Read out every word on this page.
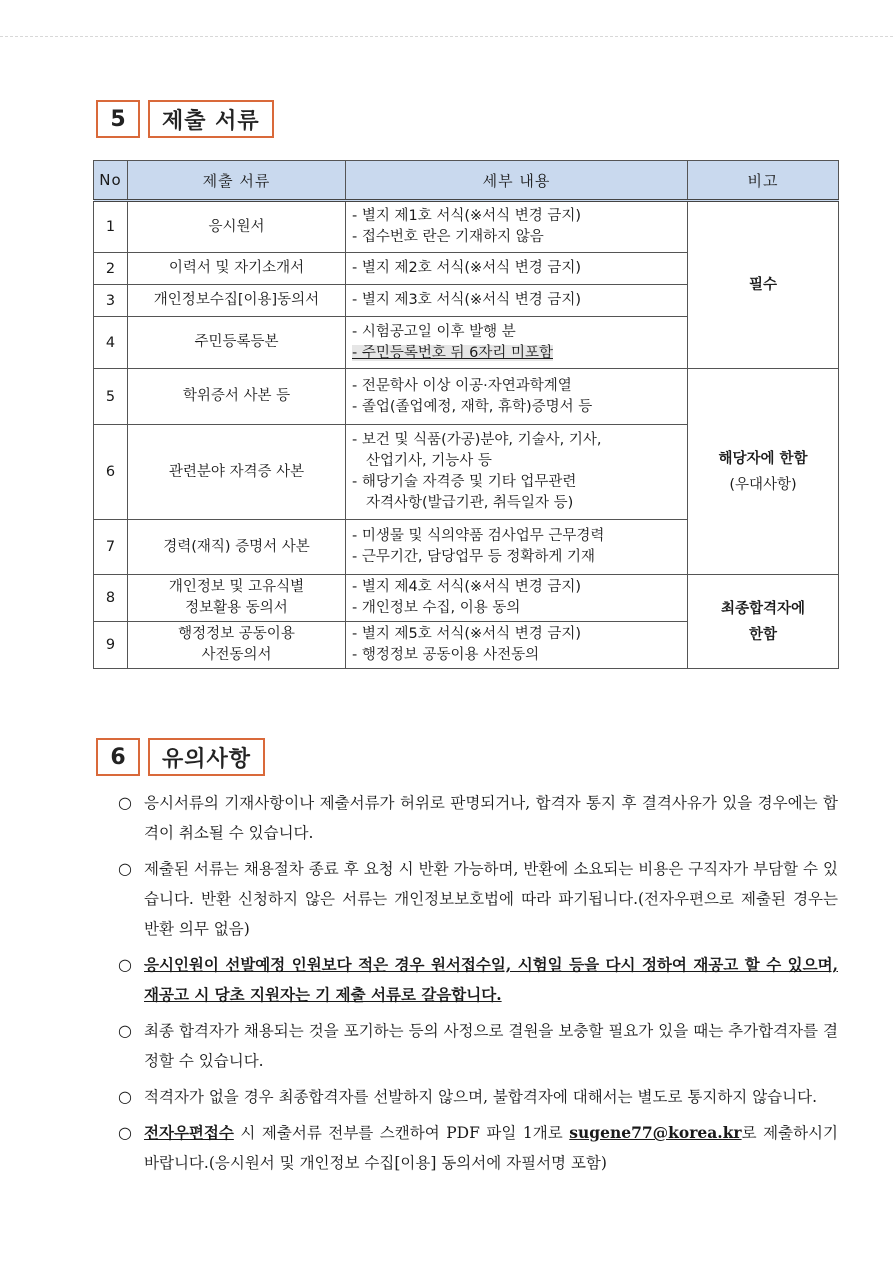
5	제출 서류
No	제출 서류	세부 내용	비고
1	응시원서	- 별지 제1호 서식(※서식 변경 금지)
- 접수번호 란은 기재하지 않음	필수
2	이력서 및 자기소개서	- 별지 제2호 서식(※서식 변경 금지)	

3	개인정보수집[이용]동의서	- 별지 제3호 서식(※서식 변경 금지)	

4	주민등록등본	- 시험공고일 이후 발행 분
- 주민등록번호 뒤 6자리 미포함	

5	학위증서 사본 등	- 전문학사 이상 이공·자연과학계열
- 졸업(졸업예정, 재학, 휴학)증명서 등	해당자에 한함
(우대사항)

6	관련분야 자격증 사본	- 보건 및 식품(가공)분야, 기술사, 기사,
산업기사, 기능사 등
- 해당기술 자격증 및 기타 업무관련
자격사항(발급기관, 취득일자 등)	

7	경력(재직) 증명서 사본	- 미생물 및 식의약품 검사업무 근무경력
- 근무기간, 담당업무 등 정확하게 기재	

8	개인정보 및 고유식별
정보활용 동의서	- 별지 제4호 서식(※서식 변경 금지)
- 개인정보 수집, 이용 동의	최종합격자에
한함

9	행정정보 공동이용
사전동의서	- 별지 제5호 서식(※서식 변경 금지)
- 행정정보 공동이용 사전동의	
6	유의사항
○ 응시서류의 기재사항이나 제출서류가 허위로 판명되거나, 합격자 통지 후 결격사유가 있을 경우에는 합격이 취소될 수 있습니다.
○ 제출된 서류는 채용절차 종료 후 요청 시 반환 가능하며, 반환에 소요되는 비용은 구직자가 부담할 수 있습니다. 반환 신청하지 않은 서류는 개인정보보호법에 따라 파기됩니다.(전자우편으로 제출된 경우는 반환 의무 없음)
○ 응시인원이 선발예정 인원보다 적은 경우 원서접수일, 시험일 등을 다시 정하여 재공고 할 수 있으며, 재공고 시 당초 지원자는 기 제출 서류로 갈음합니다.
○ 최종 합격자가 채용되는 것을 포기하는 등의 사정으로 결원을 보충할 필요가 있을 때는 추가합격자를 결정할 수 있습니다.
○ 적격자가 없을 경우 최종합격자를 선발하지 않으며, 불합격자에 대해서는 별도로 통지하지 않습니다.
○ 전자우편접수 시 제출서류 전부를 스캔하여 PDF 파일 1개로 sugene77@korea.kr로 제출하시기 바랍니다.(응시원서 및 개인정보 수집[이용] 동의서에 자필서명 포함)
